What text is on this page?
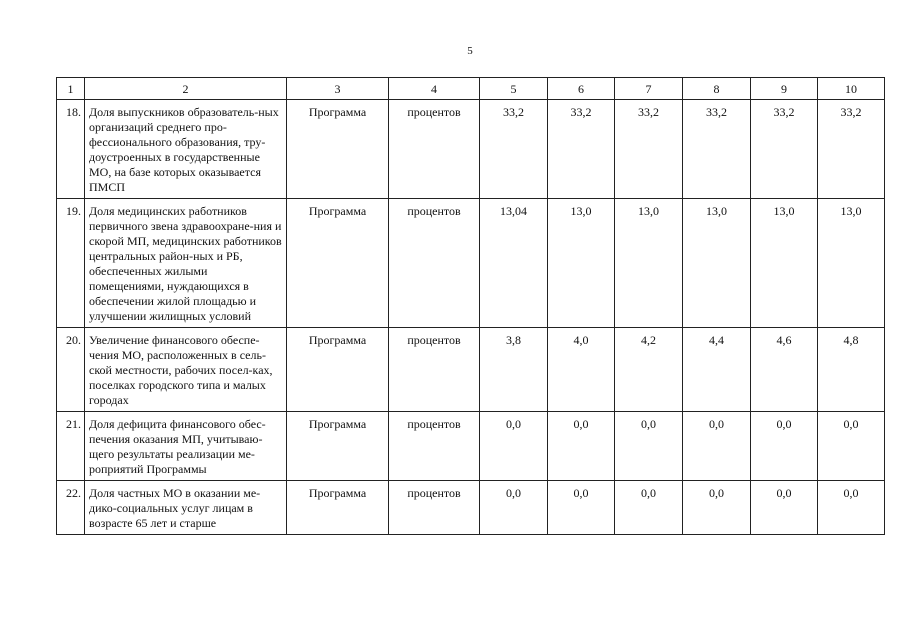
5
1	2	3	4	5	6	7	8	9	10
18.	Доля выпускников образователь-ных организаций среднего про-фессионального образования, тру-доустроенных в государственные МО, на базе которых оказывается ПМСП	Программа	процентов	33,2	33,2	33,2	33,2	33,2	33,2
19.	Доля медицинских работников первичного звена здравоохране-ния и скорой МП, медицинских работников центральных район-ных и РБ, обеспеченных жилыми помещениями, нуждающихся в обеспечении жилой площадью и улучшении жилищных условий	Программа	процентов	13,04	13,0	13,0	13,0	13,0	13,0
20.	Увеличение финансового обеспе-чения МО, расположенных в сель-ской местности, рабочих посел-ках, поселках городского типа и малых городах	Программа	процентов	3,8	4,0	4,2	4,4	4,6	4,8
21.	Доля дефицита финансового обес-печения оказания МП, учитываю-щего результаты реализации ме-роприятий Программы	Программа	процентов	0,0	0,0	0,0	0,0	0,0	0,0
22.	Доля частных МО в оказании ме-дико-социальных услуг лицам в возрасте 65 лет и старше	Программа	процентов	0,0	0,0	0,0	0,0	0,0	0,0
